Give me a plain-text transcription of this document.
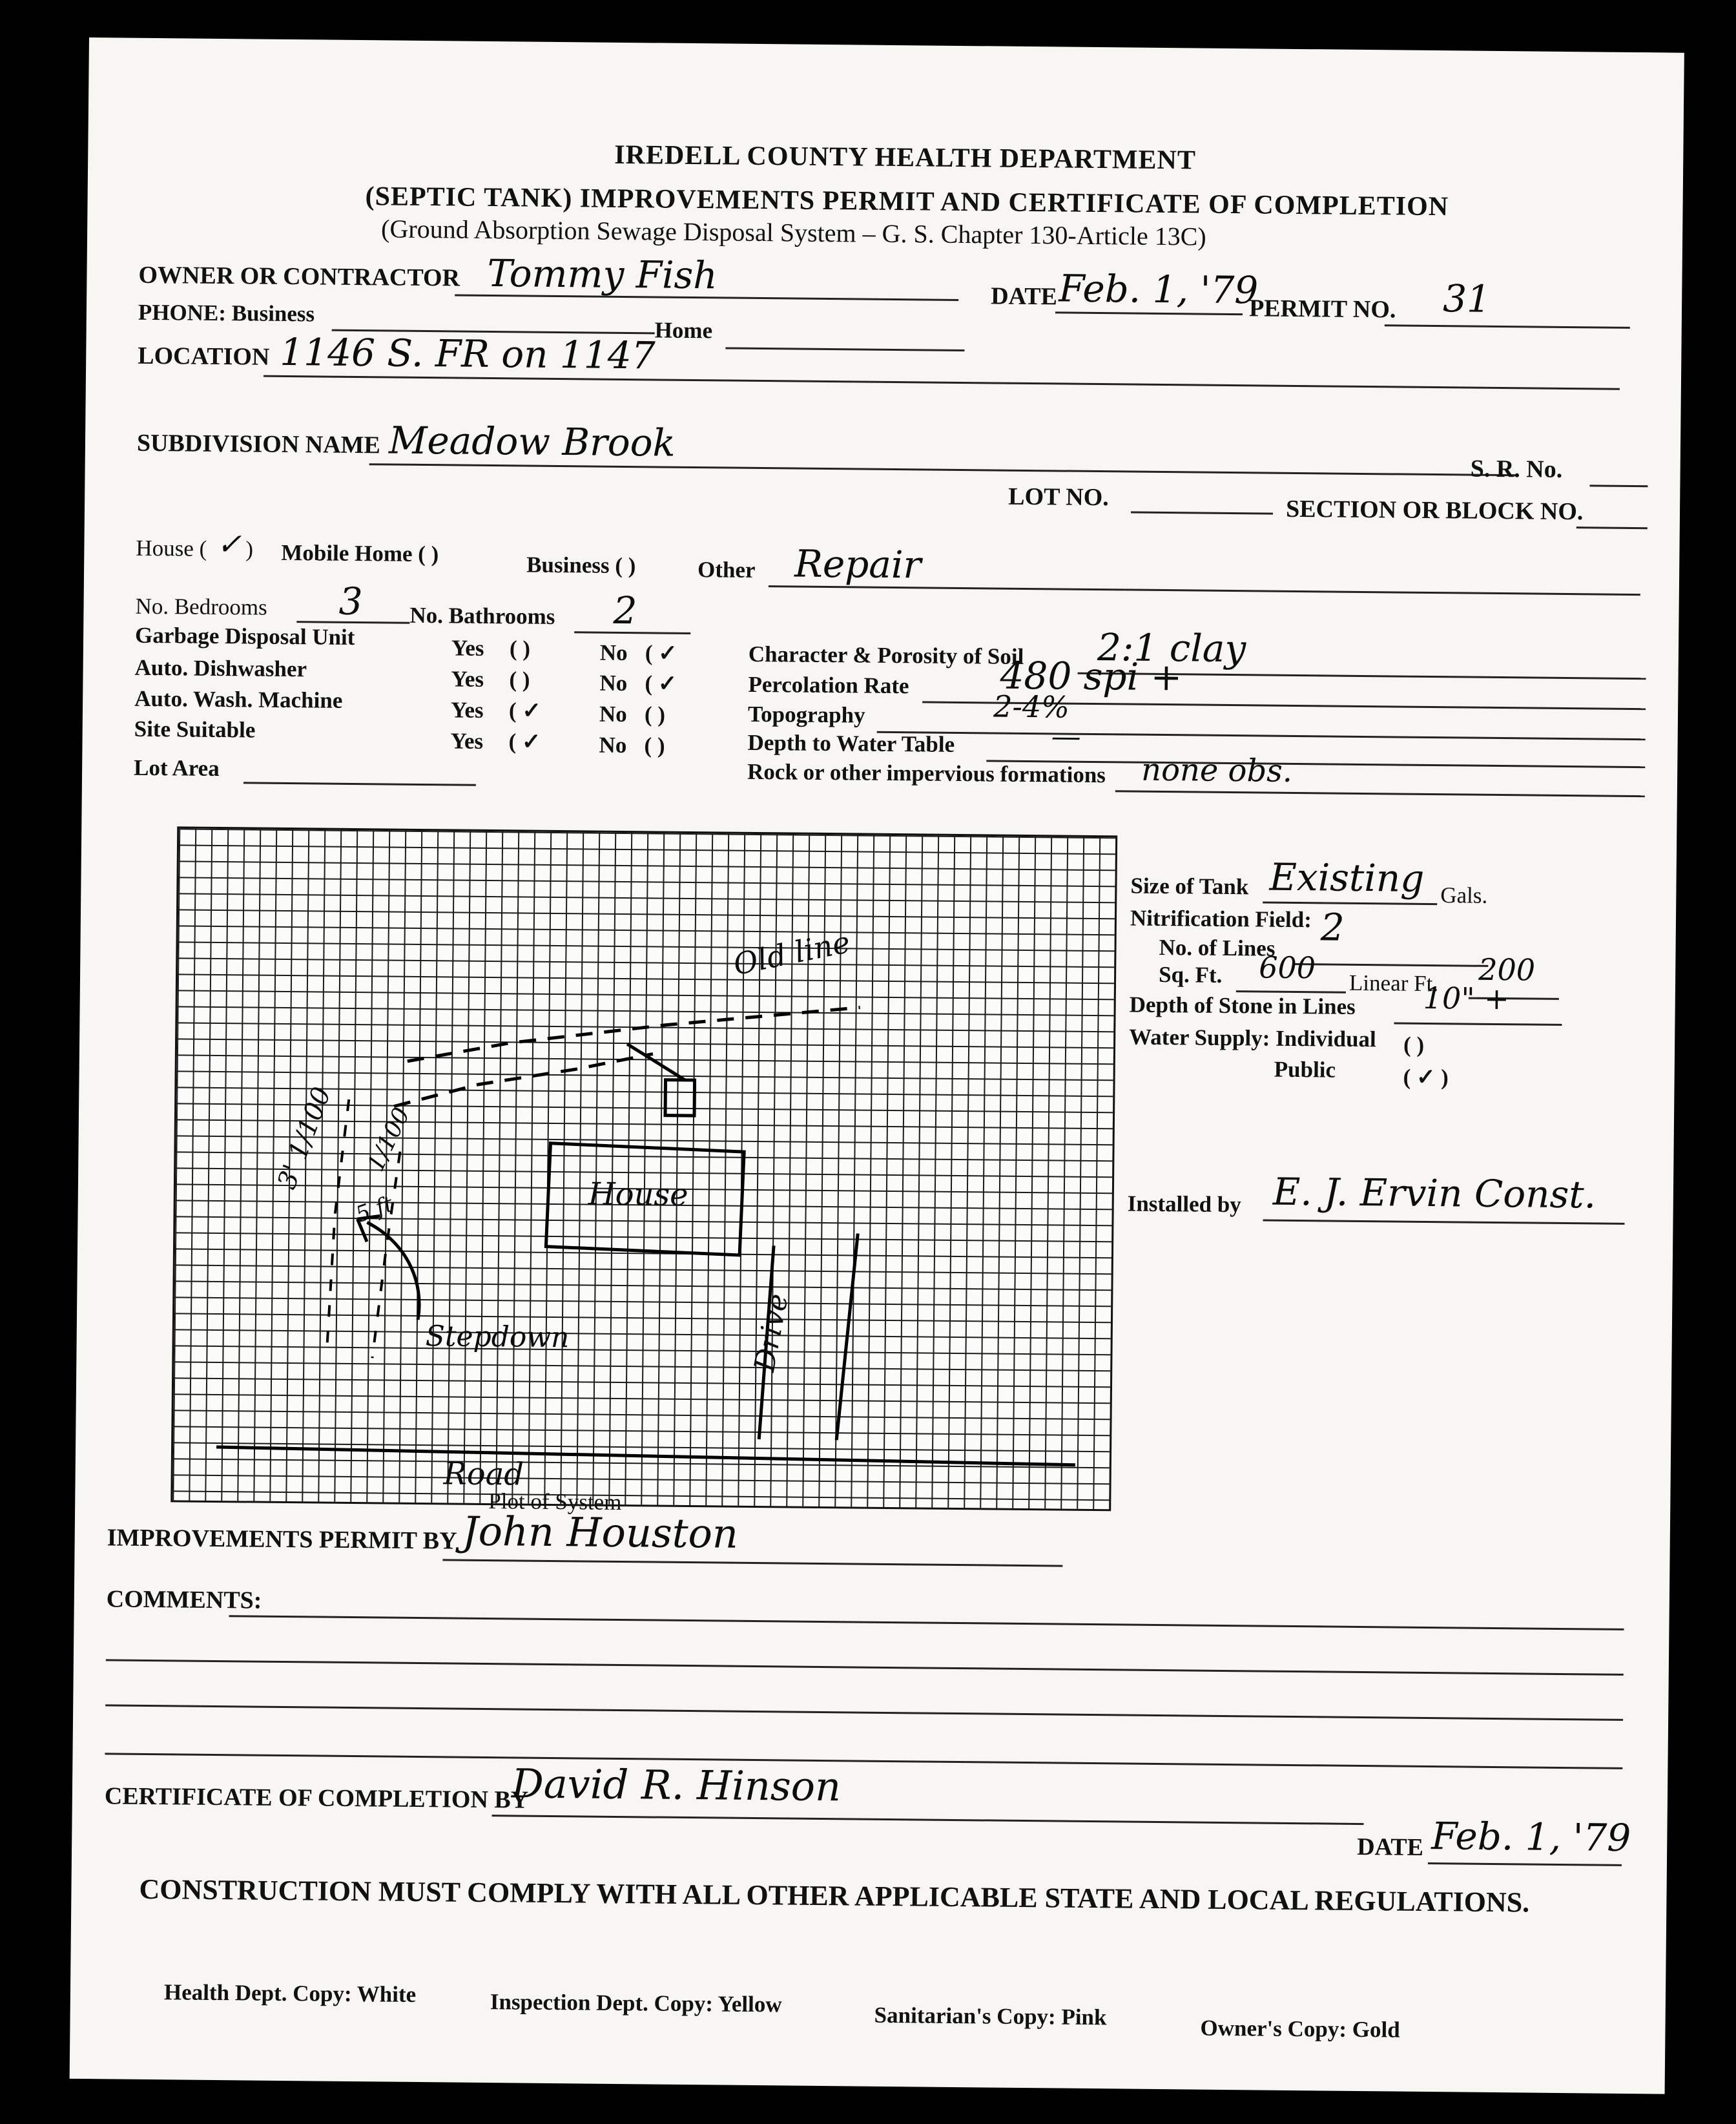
IREDELL COUNTY HEALTH DEPARTMENT
(SEPTIC TANK) IMPROVEMENTS PERMIT AND CERTIFICATE OF COMPLETION
(Ground Absorption Sewage Disposal System – G. S. Chapter 130-Article 13C)
OWNER OR CONTRACTOR Tommy Fish	DATE Feb. 1, '79
PERMIT NO. 31
PHONE: Business
Home
LOCATION 1146 S. FR on 1147
SUBDIVISION NAME Meadow Brook
S. R. No.
LOT NO.	SECTION OR BLOCK NO.
House ( ✓ ) Mobile Home ( )	Business ( )	Other Repair
No. Bedrooms 3 No. Bathrooms 2
Garbage Disposal Unit	Yes ( )	No ( ✓
Auto. Dishwasher	Yes ( )	No ( ✓
Auto. Wash. Machine	Yes ( ✓	No ( )
Site Suitable	Yes ( ✓	No ( )
Lot Area
Character & Porosity of Soil 2:1 clay
Percolation Rate 480 spi +
Topography	2-4%
Depth to Water Table	—
Rock or other impervious formations none obs.
House
Old line
Stepdown	Drive
3' 1/100 1/100
5 ft
Road
Plot of System
Size of Tank Existing Gals.
Nitrification Field:
No. of Lines 2
Sq. Ft. 600 Linear Ft. 200
Depth of Stone in Lines 10" +
Water Supply: Individual ( )
Public	( ✓ )
Installed by E. J. Ervin Const.
IMPROVEMENTS PERMIT BY John Houston
COMMENTS:
CERTIFICATE OF COMPLETION BY
David R. Hinson
DATE Feb. 1, '79
CONSTRUCTION MUST COMPLY WITH ALL OTHER APPLICABLE STATE AND LOCAL REGULATIONS.
Health Dept. Copy: White	Inspection Dept. Copy: Yellow	Sanitarian's Copy: Pink	Owner's Copy: Gold
